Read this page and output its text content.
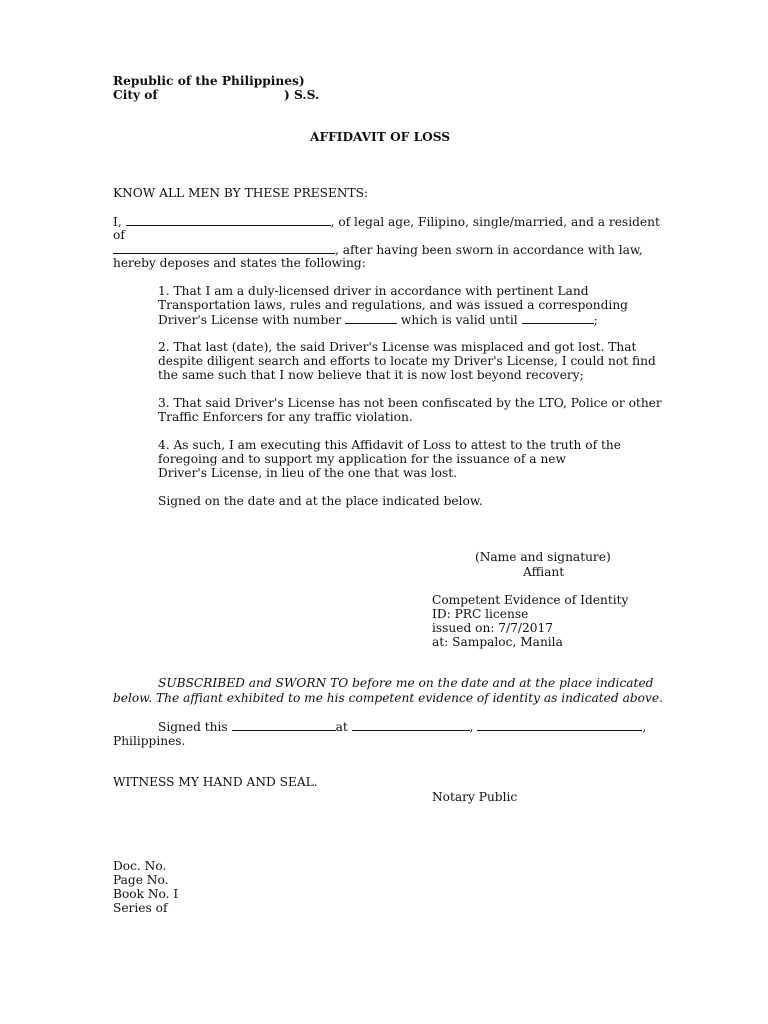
Republic of the Philippines)
City of	) S.S.
AFFIDAVIT OF LOSS
KNOW ALL MEN BY THESE PRESENTS:
I,	, of legal age, Filipino, single/married, and a resident
of
, after having been sworn in accordance with law,
hereby deposes and states the following:
1. That I am a duly-licensed driver in accordance with pertinent Land
Transportation laws, rules and regulations, and was issued a corresponding
Driver's License with number	which is valid until	;
2. That last (date), the said Driver's License was misplaced and got lost. That
despite diligent search and efforts to locate my Driver's License, I could not find
the same such that I now believe that it is now lost beyond recovery;
3. That said Driver's License has not been confiscated by the LTO, Police or other
Traffic Enforcers for any traffic violation.
4. As such, I am executing this Affidavit of Loss to attest to the truth of the
foregoing and to support my application for the issuance of a new
Driver's License, in lieu of the one that was lost.
Signed on the date and at the place indicated below.
(Name and signature)
Affiant
Competent Evidence of Identity
ID: PRC license
issued on: 7/7/2017
at: Sampaloc, Manila
SUBSCRIBED and SWORN TO before me on the date and at the place indicated
below. The affiant exhibited to me his competent evidence of identity as indicated above.
Signed this	at	,	,
Philippines.
WITNESS MY HAND AND SEAL.
Notary Public
Doc. No.
Page No.
Book No. I
Series of
